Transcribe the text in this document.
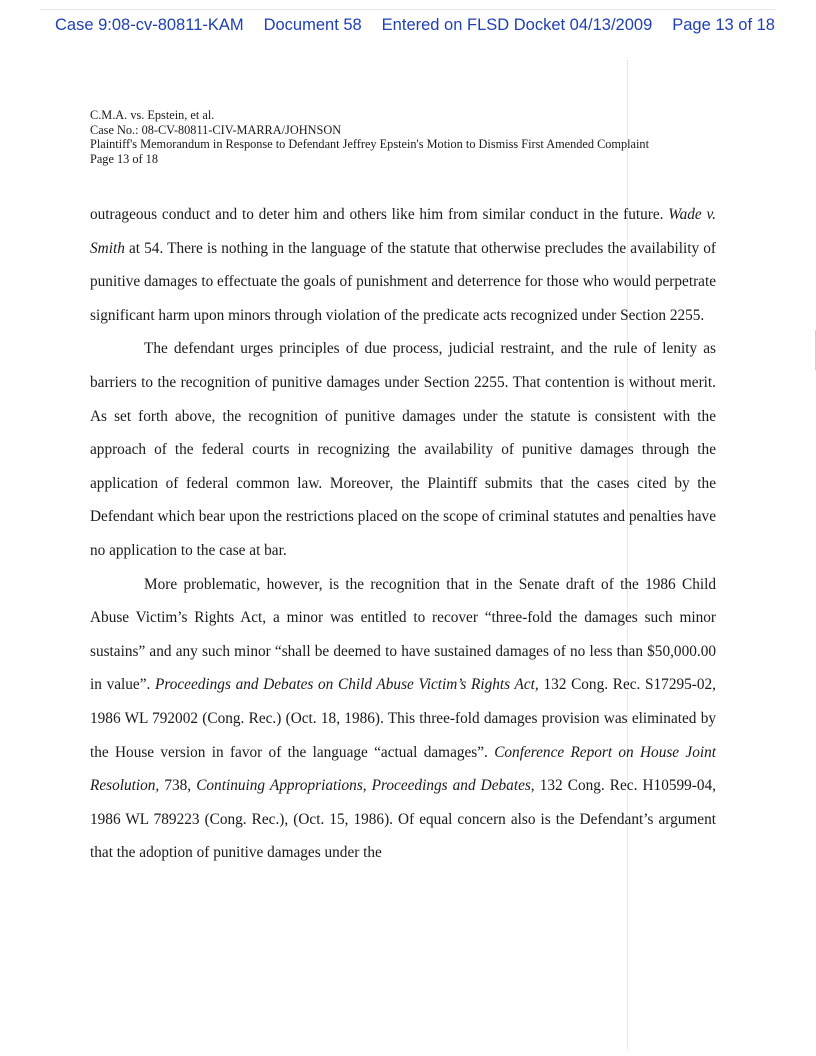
Case 9:08-cv-80811-KAM Document 58 Entered on FLSD Docket 04/13/2009 Page 13 of 18
C.M.A. vs. Epstein, et al.
Case No.: 08-CV-80811-CIV-MARRA/JOHNSON
Plaintiff's Memorandum in Response to Defendant Jeffrey Epstein's Motion to Dismiss First Amended Complaint
Page 13 of 18

outrageous conduct and to deter him and others like him from similar conduct in the future. Wade v. Smith at 54. There is nothing in the language of the statute that otherwise precludes the availability of punitive damages to effectuate the goals of punishment and deterrence for those who would perpetrate significant harm upon minors through violation of the predicate acts recognized under Section 2255.

The defendant urges principles of due process, judicial restraint, and the rule of lenity as barriers to the recognition of punitive damages under Section 2255. That contention is without merit. As set forth above, the recognition of punitive damages under the statute is consistent with the approach of the federal courts in recognizing the availability of punitive damages through the application of federal common law. Moreover, the Plaintiff submits that the cases cited by the Defendant which bear upon the restrictions placed on the scope of criminal statutes and penalties have no application to the case at bar.

More problematic, however, is the recognition that in the Senate draft of the 1986 Child Abuse Victim’s Rights Act, a minor was entitled to recover “three-fold the damages such minor sustains” and any such minor “shall be deemed to have sustained damages of no less than $50,000.00 in value”. Proceedings and Debates on Child Abuse Victim’s Rights Act, 132 Cong. Rec. S17295-02, 1986 WL 792002 (Cong. Rec.) (Oct. 18, 1986). This three-fold damages provision was eliminated by the House version in favor of the language “actual damages”. Conference Report on House Joint Resolution, 738, Continuing Appropriations, Proceedings and Debates, 132 Cong. Rec. H10599-04, 1986 WL 789223 (Cong. Rec.), (Oct. 15, 1986). Of equal concern also is the Defendant’s argument that the adoption of punitive damages under the
